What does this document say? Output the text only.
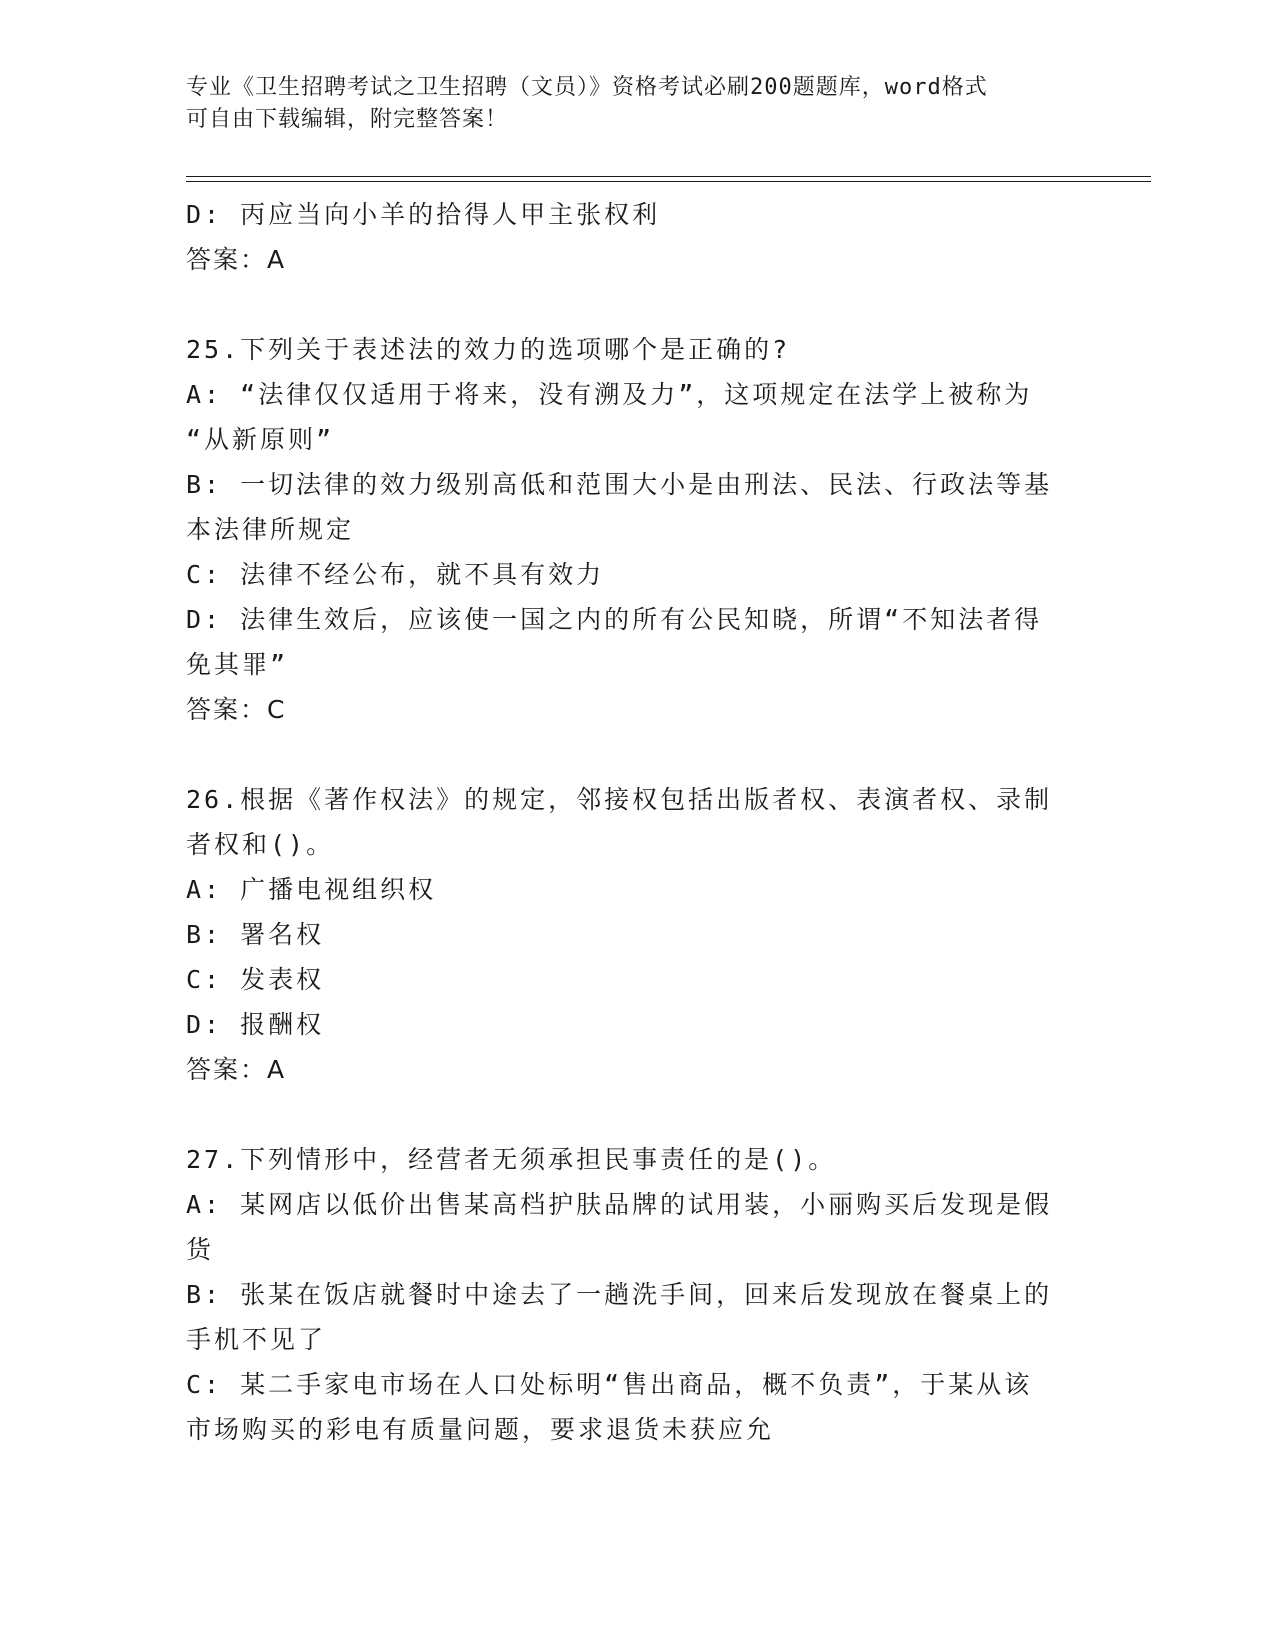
专业《卫生招聘考试之卫生招聘（文员）》资格考试必刷200题题库，word格式
可自由下载编辑，附完整答案！
D: 丙应当向小羊的拾得人甲主张权利
答案：A
25.下列关于表述法的效力的选项哪个是正确的?
A: “法律仅仅适用于将来，没有溯及力”，这项规定在法学上被称为
“从新原则”
B: 一切法律的效力级别高低和范围大小是由刑法、民法、行政法等基
本法律所规定
C: 法律不经公布，就不具有效力
D: 法律生效后，应该使一国之内的所有公民知晓，所谓“不知法者得
免其罪”
答案：C
26.根据《著作权法》的规定，邻接权包括出版者权、表演者权、录制
者权和()。
A: 广播电视组织权
B: 署名权
C: 发表权
D: 报酬权
答案：A
27.下列情形中，经营者无须承担民事责任的是()。
A: 某网店以低价出售某高档护肤品牌的试用装，小丽购买后发现是假
货
B: 张某在饭店就餐时中途去了一趟洗手间，回来后发现放在餐桌上的
手机不见了
C: 某二手家电市场在人口处标明“售出商品，概不负责”，于某从该
市场购买的彩电有质量问题，要求退货未获应允
